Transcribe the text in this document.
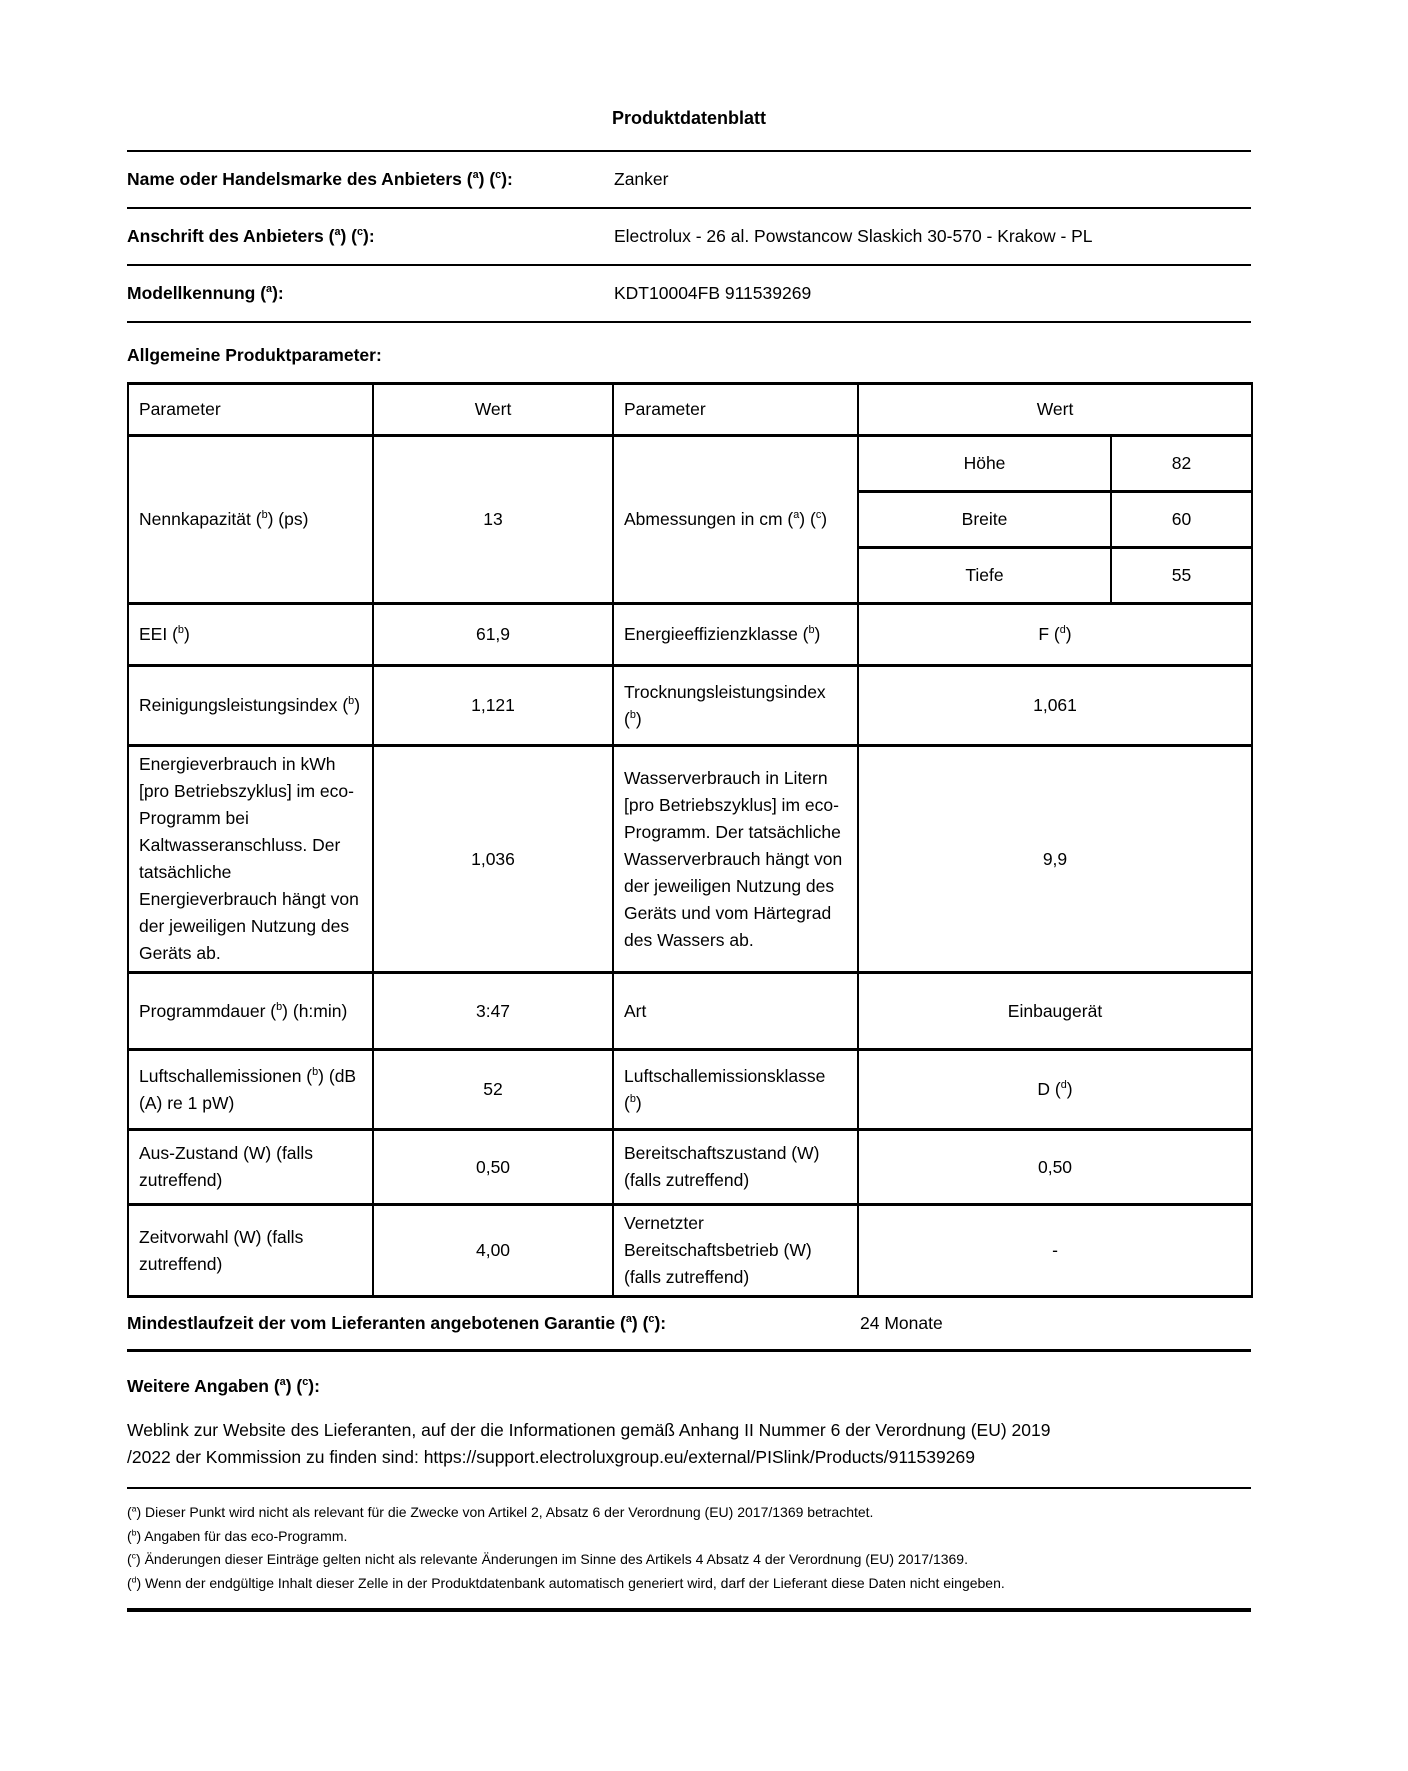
Produktdatenblatt
Name oder Handelsmarke des Anbieters ($^a$) ($^c$):	Zanker
Anschrift des Anbieters ($^a$) ($^c$):	Electrolux - 26 al. Powstancow Slaskich 30-570 - Krakow - PL
Modellkennung ($^a$):	KDT10004FB 911539269
Allgemeine Produktparameter:
Parameter	Wert	Parameter	Wert	
Nennkapazität ($^b$) (ps)	13	Abmessungen in cm ($^a$) ($^c$)	Höhe	82
			Breite	60
			Tiefe	55
EEI ($^b$)	61,9	Energieeffizienzklasse ($^b$)	F ($^d$)	
Reinigungsleistungsindex ($^b$)	1,121	Trocknungsleistungsindex ($^b$)	1,061	
Energieverbrauch in kWh [pro Betriebszyklus] im eco-Programm bei Kaltwasseranschluss. Der tatsächliche Energieverbrauch hängt von der jeweiligen Nutzung des Geräts ab.	1,036	Wasserverbrauch in Litern [pro Betriebszyklus] im eco-Programm. Der tatsächliche Wasserverbrauch hängt von der jeweiligen Nutzung des Geräts und vom Härtegrad des Wassers ab.	9,9	
Programmdauer ($^b$) (h:min)	3:47	Art	Einbaugerät	
Luftschallemissionen ($^b$) (dB (A) re 1 pW)	52	Luftschallemissionsklasse ($^b$)	D ($^d$)	
Aus-Zustand (W) (falls zutreffend)	0,50	Bereitschaftszustand (W) (falls zutreffend)	0,50	
Zeitvorwahl (W) (falls zutreffend)	4,00	Vernetzter Bereitschaftsbetrieb (W) (falls zutreffend)	-	
Mindestlaufzeit der vom Lieferanten angebotenen Garantie ($^a$) ($^c$):	24 Monate
Weitere Angaben ($^a$) ($^c$):
Weblink zur Website des Lieferanten, auf der die Informationen gemäß Anhang II Nummer 6 der Verordnung (EU) 2019
/2022 der Kommission zu finden sind: https://support.electroluxgroup.eu/external/PISlink/Products/911539269
($^a$) Dieser Punkt wird nicht als relevant für die Zwecke von Artikel 2, Absatz 6 der Verordnung (EU) 2017/1369 betrachtet.
($^b$) Angaben für das eco-Programm.
($^c$) Änderungen dieser Einträge gelten nicht als relevante Änderungen im Sinne des Artikels 4 Absatz 4 der Verordnung (EU) 2017/1369.
($^d$) Wenn der endgültige Inhalt dieser Zelle in der Produktdatenbank automatisch generiert wird, darf der Lieferant diese Daten nicht eingeben.
